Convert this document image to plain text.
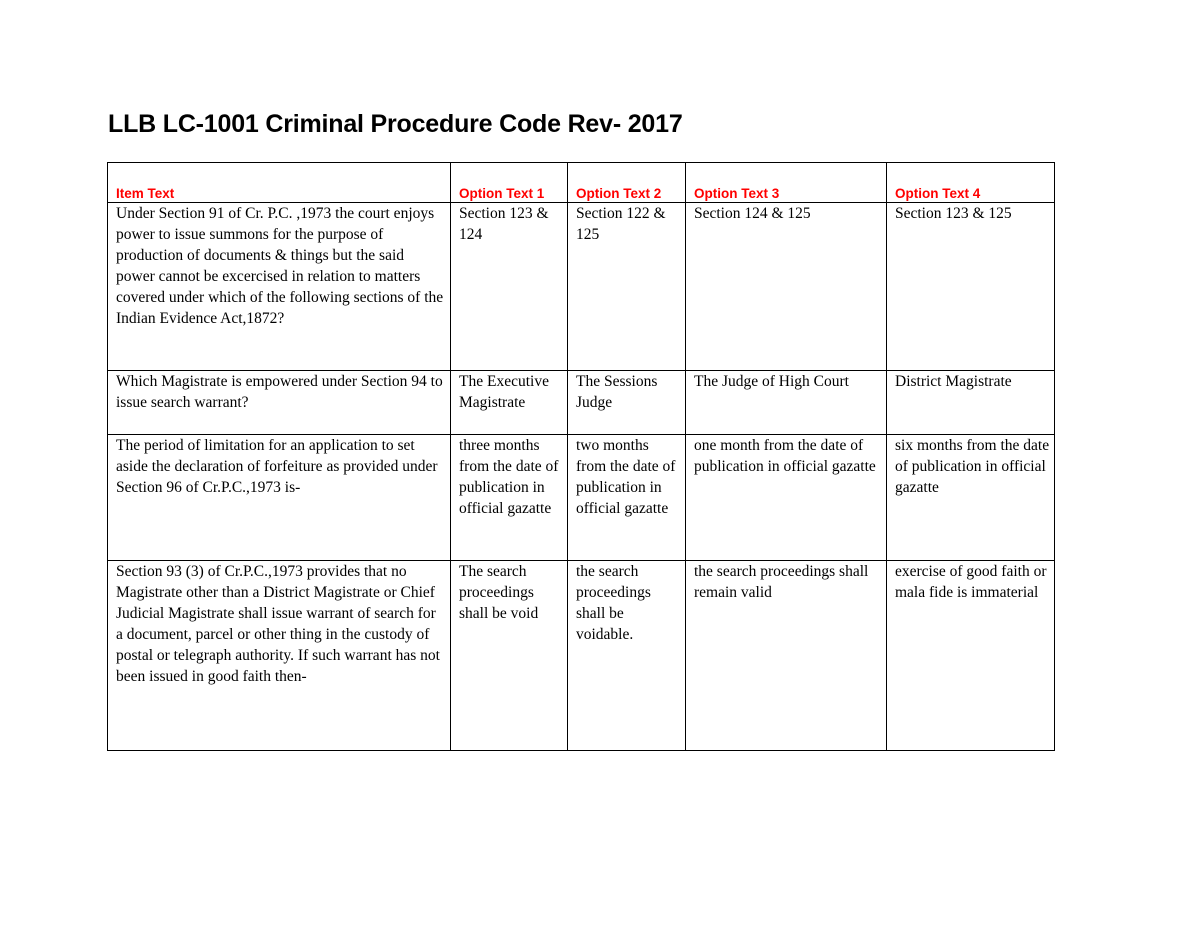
LLB LC-1001 Criminal Procedure Code Rev- 2017
Item Text	Option Text 1	Option Text 2	Option Text 3	Option Text 4
Under Section 91 of Cr. P.C. ,1973 the court enjoys power to issue summons for the purpose of production of documents & things but the said power cannot be excercised in relation to matters covered under which of the following sections of the Indian Evidence Act,1872?	Section 123 & 124	Section 122 & 125	Section 124 & 125	Section 123 & 125
Which Magistrate is empowered under Section 94 to issue search warrant?	The Executive Magistrate	The Sessions Judge	The Judge of High Court	District Magistrate
The period of limitation for an application to set aside the declaration of forfeiture as provided under Section 96 of Cr.P.C.,1973 is-	three months from the date of publication in official gazatte	two months from the date of publication in official gazatte	one month from the date of publication in official gazatte	six months from the date of publication in official gazatte
Section 93 (3) of Cr.P.C.,1973 provides that no Magistrate other than a District Magistrate or Chief Judicial Magistrate shall issue warrant of search for a document, parcel or other thing in the custody of postal or telegraph authority. If such warrant has not been issued in good faith then-	The search proceedings shall be void	the search proceedings shall be voidable.	the search proceedings shall remain valid	exercise of good faith or mala fide is immaterial
